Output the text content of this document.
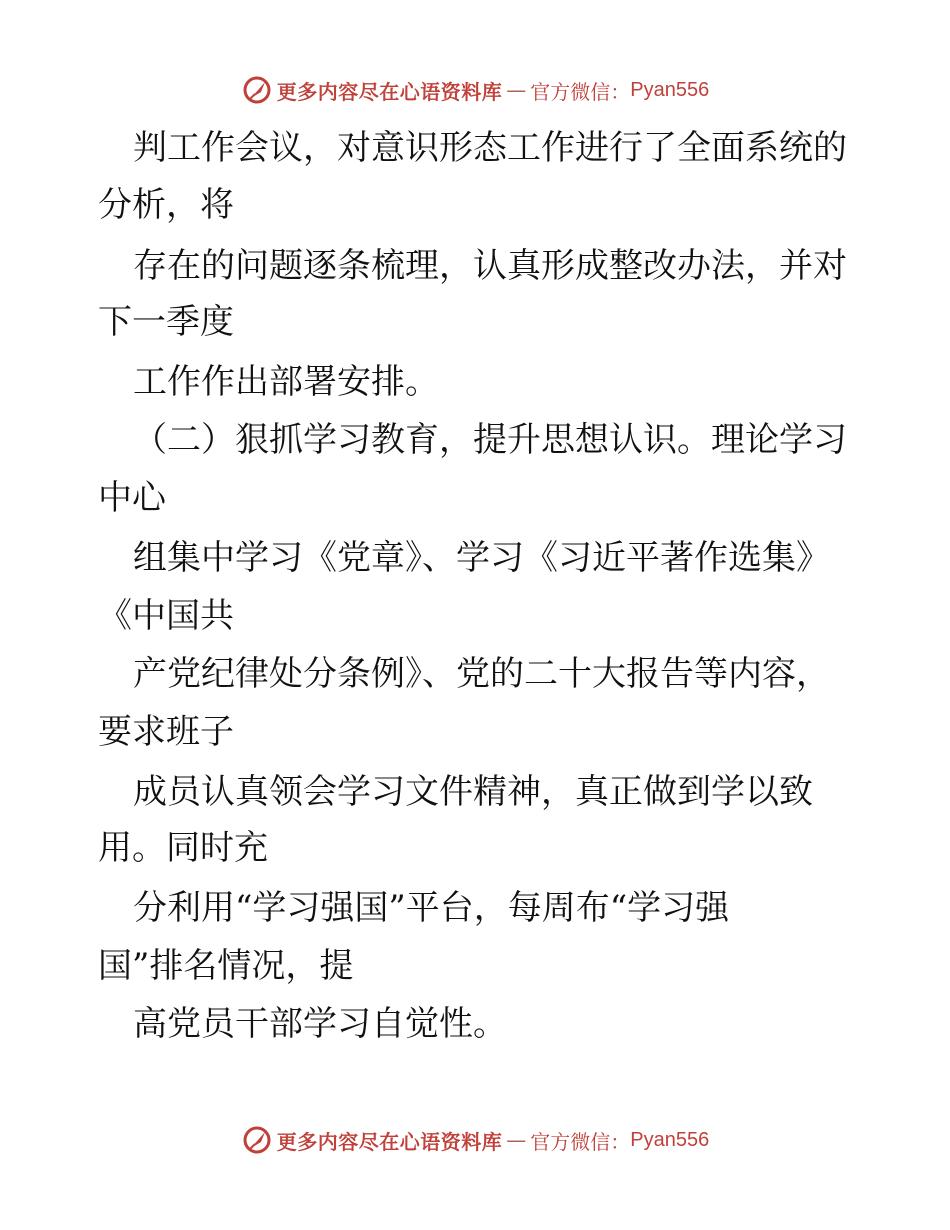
更多内容尽在心语资料库 — 官方微信： Pyan556
判工作会议，对意识形态工作进行了全面系统的
分析，将
存在的问题逐条梳理，认真形成整改办法，并对
下一季度
工作作出部署安排。
（二）狠抓学习教育，提升思想认识。理论学习
中心
组集中学习《党章》、学习《习近平著作选集》
《中国共
产党纪律处分条例》、党的二十大报告等内容，
要求班子
成员认真领会学习文件精神，真正做到学以致
用。同时充
分利用“学习强国”平台，每周布“学习强
国”排名情况，提
高党员干部学习自觉性。
更多内容尽在心语资料库 — 官方微信： Pyan556
